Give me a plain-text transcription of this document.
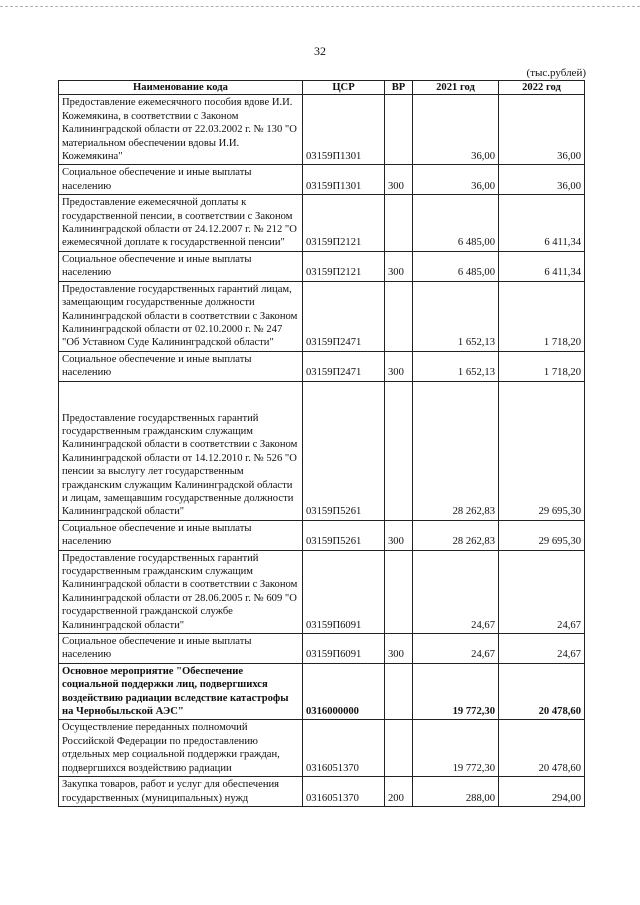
32
(тыс.рублей)
Наименование кода	ЦСР	ВР	2021 год	2022 год
Предоставление ежемесячного пособия вдове И.И. Кожемякина, в соответствии с Законом Калининградской области от 22.03.2002 г. № 130 "О материальном обеспечении вдовы И.И. Кожемякина"	03159П1301		36,00	36,00
Социальное обеспечение и иные выплаты населению	03159П1301	300	36,00	36,00
Предоставление ежемесячной доплаты к государственной пенсии, в соответствии с Законом Калининградской области от 24.12.2007 г. № 212 "О ежемесячной доплате к государственной пенсии"	03159П2121		6 485,00	6 411,34
Социальное обеспечение и иные выплаты населению	03159П2121	300	6 485,00	6 411,34
Предоставление государственных гарантий лицам, замещающим государственные должности Калининградской области в соответствии с Законом Калининградской области от 02.10.2000 г. № 247 "Об Уставном Суде Калининградской области"	03159П2471		1 652,13	1 718,20
Социальное обеспечение и иные выплаты населению	03159П2471	300	1 652,13	1 718,20
Предоставление государственных гарантий государственным гражданским служащим Калининградской области в соответствии с Законом Калининградской области от 14.12.2010 г. № 526 "О пенсии за выслугу лет государственным гражданским служащим Калининградской области и лицам, замещавшим государственные должности Калининградской области"	03159П5261		28 262,83	29 695,30
Социальное обеспечение и иные выплаты населению	03159П5261	300	28 262,83	29 695,30
Предоставление государственных гарантий государственным гражданским служащим Калининградской области в соответствии с Законом Калининградской области от 28.06.2005 г. № 609 "О государственной гражданской службе Калининградской области"	03159П6091		24,67	24,67
Социальное обеспечение и иные выплаты населению	03159П6091	300	24,67	24,67
Основное мероприятие "Обеспечение социальной поддержки лиц, подвергшихся воздействию радиации вследствие катастрофы на Чернобыльской АЭС"	0316000000		19 772,30	20 478,60
Осуществление переданных полномочий Российской Федерации по предоставлению отдельных мер социальной поддержки граждан, подвергшихся воздействию радиации	0316051370		19 772,30	20 478,60
Закупка товаров, работ и услуг для обеспечения государственных (муниципальных) нужд	0316051370	200	288,00	294,00
